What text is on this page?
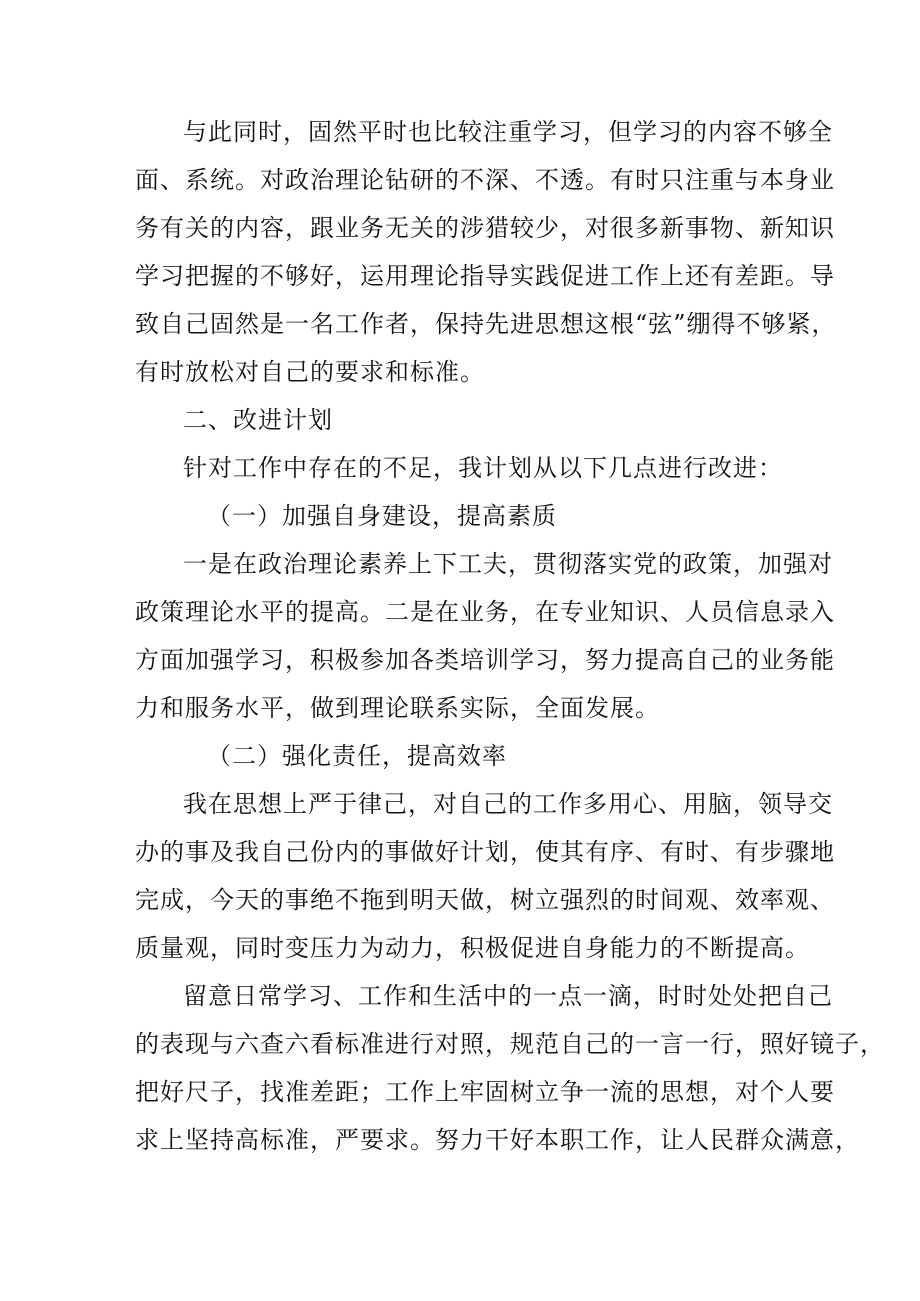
与此同时，固然平时也比较注重学习，但学习的内容不够全
面、系统。对政治理论钻研的不深、不透。有时只注重与本身业
务有关的内容，跟业务无关的涉猎较少，对很多新事物、新知识
学习把握的不够好，运用理论指导实践促进工作上还有差距。导
致自己固然是一名工作者，保持先进思想这根“弦”绷得不够紧，
有时放松对自己的要求和标准。
二、改进计划
针对工作中存在的不足，我计划从以下几点进行改进：
（一）加强自身建设，提高素质
一是在政治理论素养上下工夫，贯彻落实党的政策，加强对
政策理论水平的提高。二是在业务，在专业知识、人员信息录入
方面加强学习，积极参加各类培训学习，努力提高自己的业务能
力和服务水平，做到理论联系实际，全面发展。
（二）强化责任，提高效率
我在思想上严于律己，对自己的工作多用心、用脑，领导交
办的事及我自己份内的事做好计划，使其有序、有时、有步骤地
完成，今天的事绝不拖到明天做，树立强烈的时间观、效率观、
质量观，同时变压力为动力，积极促进自身能力的不断提高。
留意日常学习、工作和生活中的一点一滴，时时处处把自己
的表现与六查六看标准进行对照，规范自己的一言一行，照好镜子，
把好尺子，找准差距；工作上牢固树立争一流的思想，对个人要
求上坚持高标准，严要求。努力干好本职工作，让人民群众满意，
